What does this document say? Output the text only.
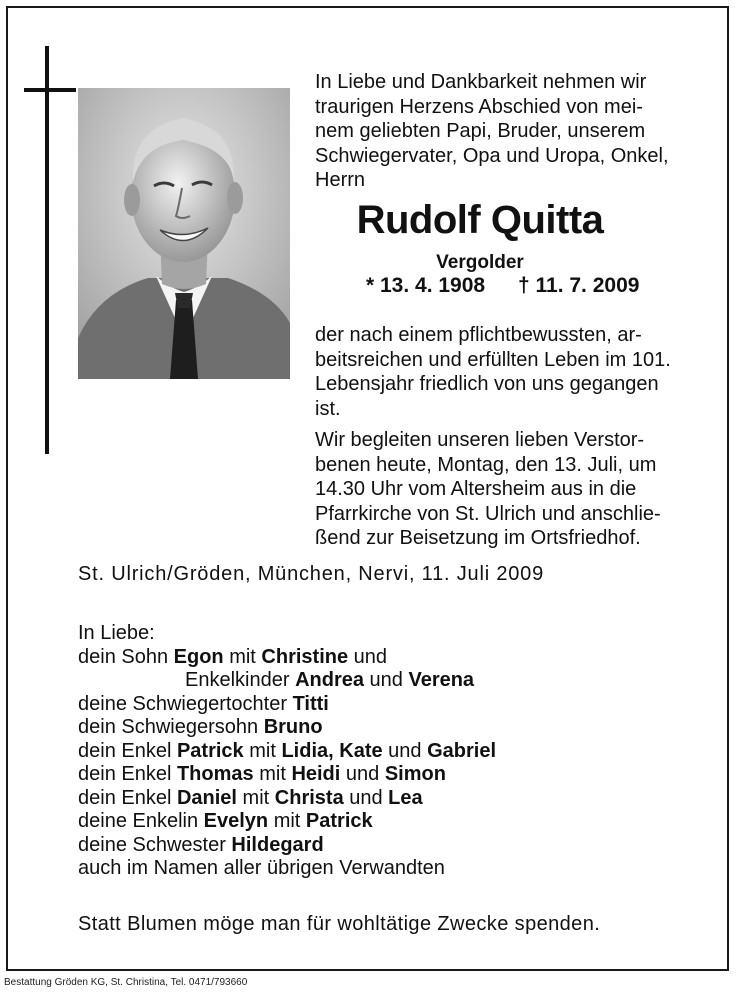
In Liebe und Dankbarkeit nehmen wir
traurigen Herzens Abschied von mei-
nem geliebten Papi, Bruder, unserem
Schwiegervater, Opa und Uropa, Onkel,
Herrn
Rudolf Quitta
Vergolder
* 13. 4. 1908 † 11. 7. 2009
der nach einem pflichtbewussten, ar-
beitsreichen und erfüllten Leben im 101.
Lebensjahr friedlich von uns gegangen
ist.
Wir begleiten unseren lieben Verstor-
benen heute, Montag, den 13. Juli, um
14.30 Uhr vom Altersheim aus in die
Pfarrkirche von St. Ulrich und anschlie-
ßend zur Beisetzung im Ortsfriedhof.
St. Ulrich/Gröden, München, Nervi, 11. Juli 2009
In Liebe:
dein Sohn Egon mit Christine und
Enkelkinder Andrea und Verena
deine Schwiegertochter Titti
dein Schwiegersohn Bruno
dein Enkel Patrick mit Lidia, Kate und Gabriel
dein Enkel Thomas mit Heidi und Simon
dein Enkel Daniel mit Christa und Lea
deine Enkelin Evelyn mit Patrick
deine Schwester Hildegard
auch im Namen aller übrigen Verwandten
Statt Blumen möge man für wohltätige Zwecke spenden.
Bestattung Gröden KG, St. Christina, Tel. 0471/793660
